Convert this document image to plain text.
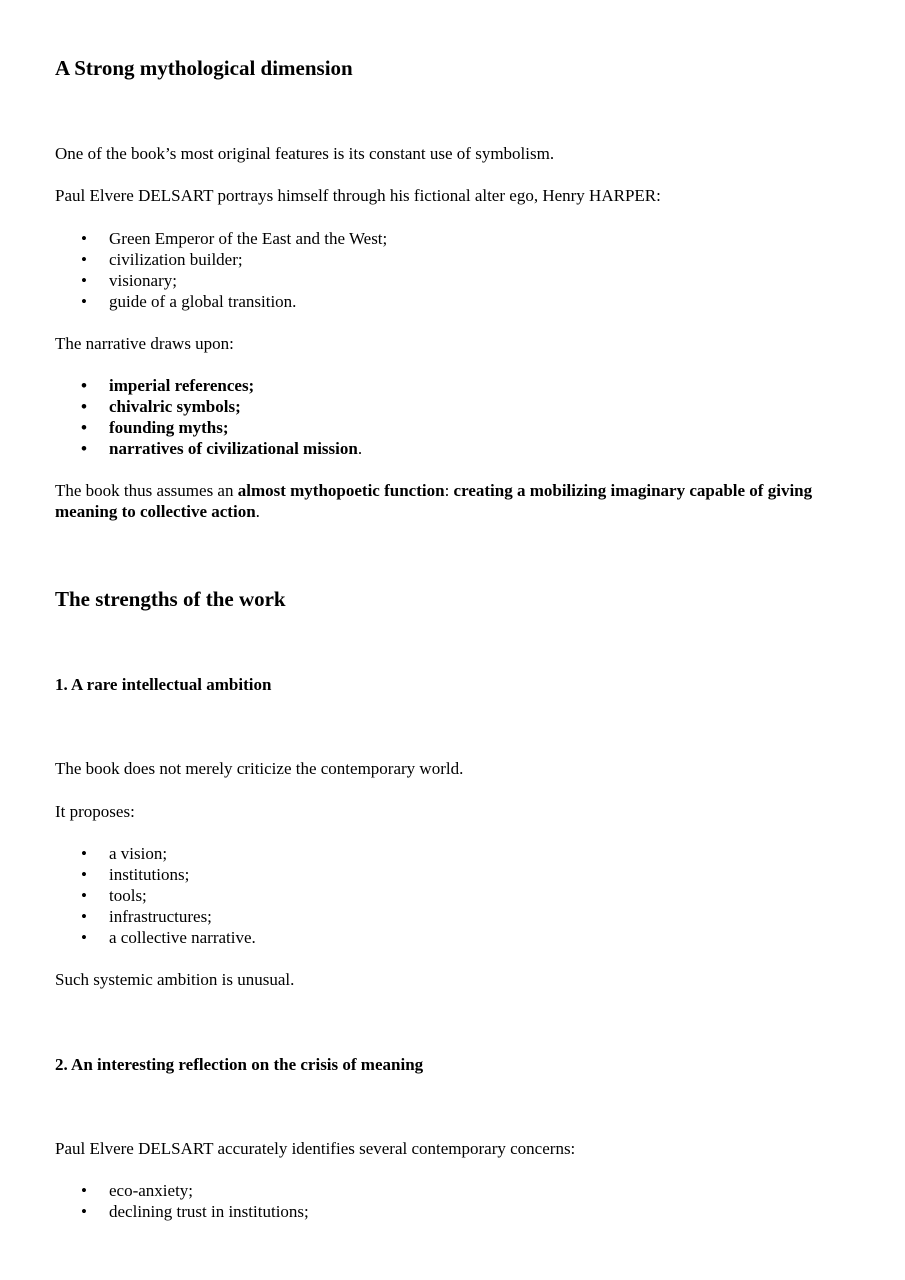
A Strong mythological dimension

One of the book’s most original features is its constant use of symbolism.

Paul Elvere DELSART portrays himself through his fictional alter ego, Henry HARPER:

• Green Emperor of the East and the West;
• civilization builder;
• visionary;
• guide of a global transition.

The narrative draws upon:

• imperial references;
• chivalric symbols;
• founding myths;
• narratives of civilizational mission.

The book thus assumes an almost mythopoetic function: creating a mobilizing imaginary capable of giving meaning to collective action.

The strengths of the work
1. A rare intellectual ambition

The book does not merely criticize the contemporary world.

It proposes:

• a vision;
• institutions;
• tools;
• infrastructures;
• a collective narrative.

Such systemic ambition is unusual.

2. An interesting reflection on the crisis of meaning

Paul Elvere DELSART accurately identifies several contemporary concerns:

• eco-anxiety;
• declining trust in institutions;
